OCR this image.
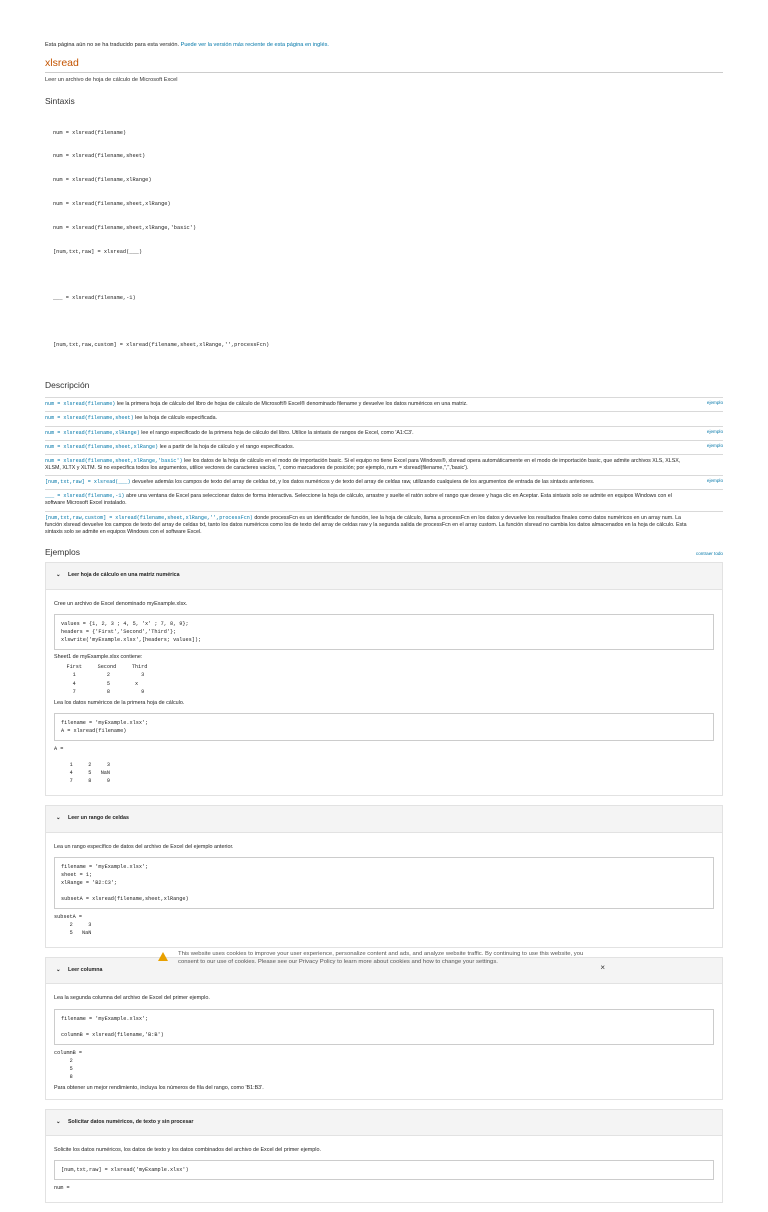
Esta página aún no se ha traducido para esta versión. Puede ver la versión más reciente de esta página en inglés.
xlsread
Leer un archivo de hoja de cálculo de Microsoft Excel
Sintaxis

num = xlsread(filename)

num = xlsread(filename,sheet)

num = xlsread(filename,xlRange)

num = xlsread(filename,sheet,xlRange)

num = xlsread(filename,sheet,xlRange,'basic')

[num,txt,raw] = xlsread(___)

___ = xlsread(filename,-1)

[num,txt,raw,custom] = xlsread(filename,sheet,xlRange,'',processFcn)

Descripción
num = xlsread(filename) lee la primera hoja de cálculo del libro de hojas de cálculo de Microsoft® Excel® denominado filename y devuelve los datos numéricos en una matriz.	ejemplo
num = xlsread(filename,sheet) lee la hoja de cálculo especificada.
num = xlsread(filename,xlRange) lee el rango especificado de la primera hoja de cálculo del libro. Utilice la sintaxis de rangos de Excel, como 'A1:C3'.	ejemplo
num = xlsread(filename,sheet,xlRange) lee a partir de la hoja de cálculo y el rango especificados.	ejemplo
num = xlsread(filename,sheet,xlRange,'basic') lee los datos de la hoja de cálculo en el modo de importación basic. Si el equipo no tiene Excel para Windows®, xlsread opera automáticamente en el modo de importación basic, que admite archivos XLS, XLSX, XLSM, XLTX y XLTM. Si no especifica todos los argumentos, utilice vectores de caracteres vacíos, '', como marcadores de posición; por ejemplo, num = xlsread(filename,'','','basic').
[num,txt,raw] = xlsread(___) devuelve además los campos de texto del array de celdas txt, y los datos numéricos y de texto del array de celdas raw, utilizando cualquiera de los argumentos de entrada de las sintaxis anteriores.	ejemplo
___ = xlsread(filename,-1) abre una ventana de Excel para seleccionar datos de forma interactiva. Seleccione la hoja de cálculo, arrastre y suelte el ratón sobre el rango que desee y haga clic en Aceptar. Esta sintaxis solo se admite en equipos Windows con el software Microsoft Excel instalado.
[num,txt,raw,custom] = xlsread(filename,sheet,xlRange,'',processFcn) donde processFcn es un identificador de función, lee la hoja de cálculo, llama a processFcn en los datos y devuelve los resultados finales como datos numéricos en un array num. La función xlsread devuelve los campos de texto del array de celdas txt, tanto los datos numéricos como los de texto del array de celdas raw y la segunda salida de processFcn en el array custom. La función xlsread no cambia los datos almacenados en la hoja de cálculo. Esta sintaxis solo se admite en equipos Windows con el software Excel.
Ejemplos	contraer todo
⌄ Leer hoja de cálculo en una matriz numérica
Cree un archivo de Excel denominado myExample.xlsx.
values = {1, 2, 3 ; 4, 5, 'x' ; 7, 8, 9};
headers = {'First','Second','Third'};
xlswrite('myExample.xlsx',[headers; values]);
Sheet1 de myExample.xlsx contiene:
First     Second     Third
1          2          3
4          5        x
7          8          9
Lea los datos numéricos de la primera hoja de cálculo.
filename = 'myExample.xlsx';
A = xlsread(filename)
A =

1     2     3
4     5   NaN
7     8     9
⌄ Leer un rango de celdas
Lea un rango específico de datos del archivo de Excel del ejemplo anterior.
filename = 'myExample.xlsx';
sheet = 1;
xlRange = 'B2:C3';

subsetA = xlsread(filename,sheet,xlRange)
subsetA =
2     3
5   NaN
⌄ Leer columna
Lea la segunda columna del archivo de Excel del primer ejemplo.
filename = 'myExample.xlsx';

columnB = xlsread(filename,'B:B')
columnB =
2
5
8
Para obtener un mejor rendimiento, incluya los números de fila del rango, como 'B1:B3'.
⌄ Solicitar datos numéricos, de texto y sin procesar
Solicite los datos numéricos, los datos de texto y los datos combinados del archivo de Excel del primer ejemplo.
[num,txt,raw] = xlsread('myExample.xlsx')
num =
This website uses cookies to improve your user experience, personalize content and ads, and analyze website traffic. By continuing to use this website, you consent to our use of cookies. Please see our Privacy Policy to learn more about cookies and how to change your settings.
×
